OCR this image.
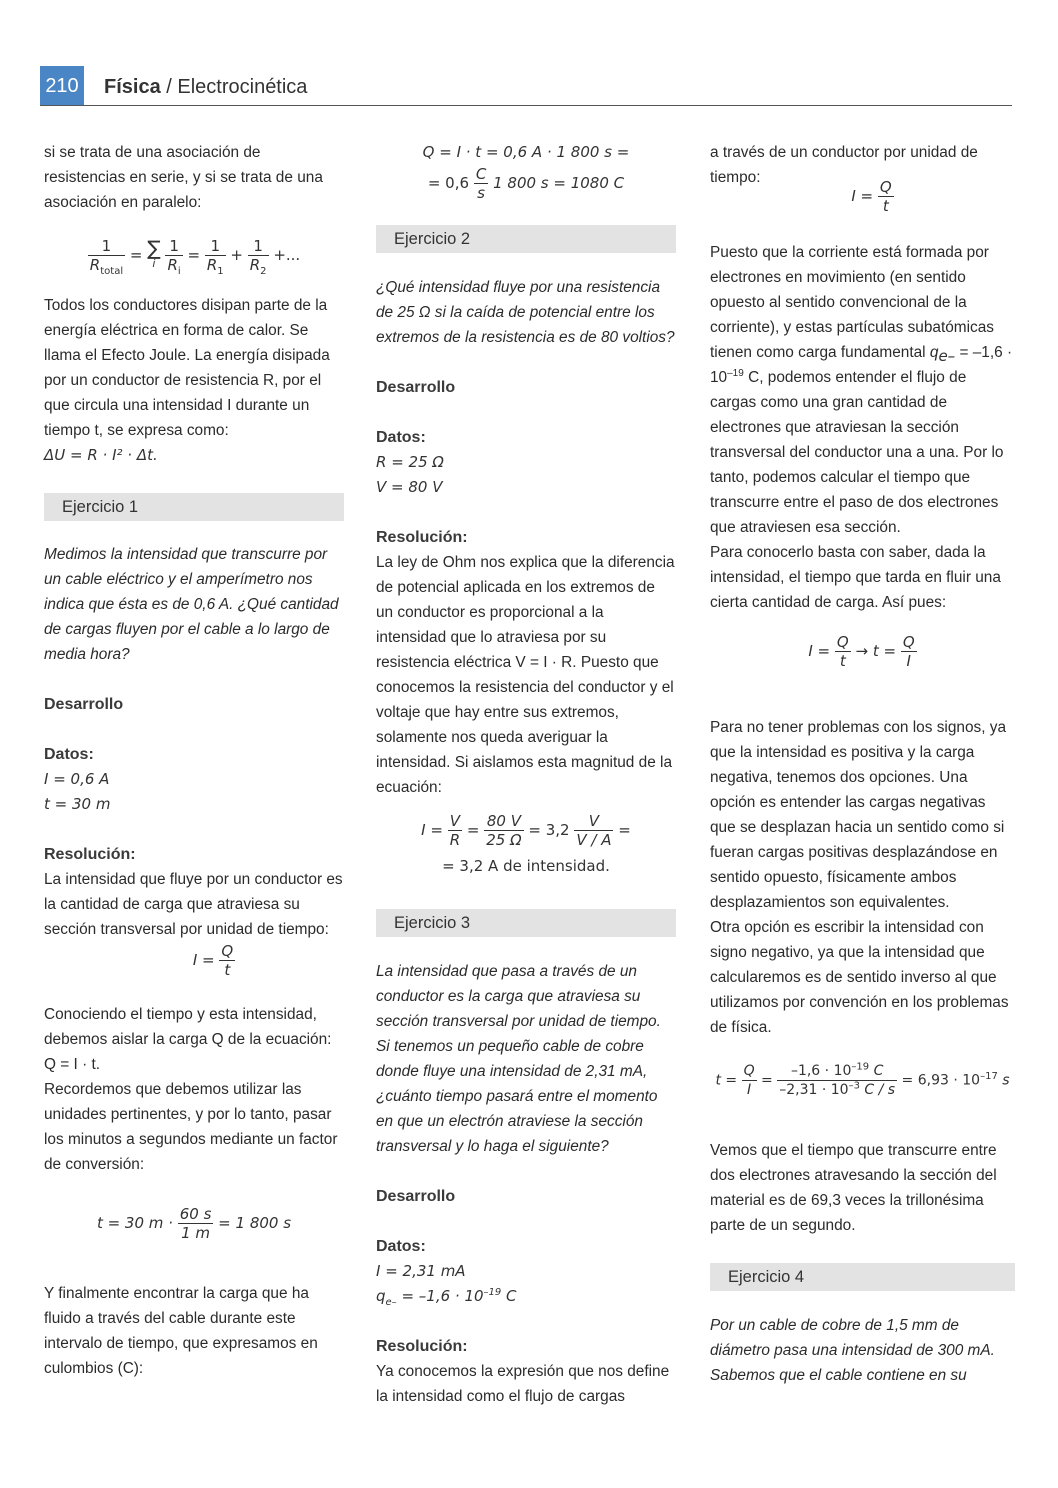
210 Física / Electrocinética

si se trata de una asociación de resistencias en serie, y si se trata de una asociación en paralelo:

$\frac{1}{R_{total}}$ = ∑
i
$\frac{1}{R_i} = \frac{1}{R_1} + \frac{1}{R_2}$ +...

Todos los conductores disipan parte de la energía eléctrica en forma de calor. Se llama el Efecto Joule. La energía disipada por un conductor de resistencia R, por el que circula una intensidad I durante un tiempo t, se expresa como:

ΔU = R · I² · Δt.

Ejercicio 1

Medimos la intensidad que transcurre por un cable eléctrico y el amperímetro nos indica que ésta es de 0,6 A. ¿Qué cantidad de cargas fluyen por el cable a lo largo de media hora?

Desarrollo

Datos:

I = 0,6 A

t = 30 m

Resolución:

La intensidad que fluye por un conductor es la cantidad de carga que atraviesa su sección transversal por unidad de tiempo:

$I = \frac{Q}{t}$

Conociendo el tiempo y esta intensidad, debemos aislar la carga Q de la ecuación: Q = I · t.

Recordemos que debemos utilizar las unidades pertinentes, y por lo tanto, pasar los minutos a segundos mediante un factor de conversión:

t = 30 $m \cdot \frac{60 s}{1 m} = 1$ 800 s

Y finalmente encontrar la carga que ha fluido a través del cable durante este intervalo de tiempo, que expresamos en culombios (C):

Q = I · t = 0,6 A · 1 800 s =

= $0,6 \frac{C}{s} 1$ 800 s = 1080 C
Ejercicio 2

¿Qué intensidad fluye por una resistencia de 25 Ω si la caída de potencial entre los extremos de la resistencia es de 80 voltios?

Desarrollo

Datos:

R = 25 Ω

V = 80 V

Resolución:

La ley de Ohm nos explica que la diferencia de potencial aplicada en los extremos de un conductor es proporcional a la intensidad que lo atraviesa por su resistencia eléctrica V = I · R. Puesto que conocemos la resistencia del conductor y el voltaje que hay entre sus extremos, solamente nos queda averiguar la intensidad. Si aislamos esta magnitud de la ecuación:

$I = \frac{V}{R} = \frac{80 V}{25 \Omega} = 3,2 \frac{V}{V / A}$ =

= 3,2 A de intensidad.

Ejercicio 3

La intensidad que pasa a través de un conductor es la carga que atraviesa su sección transversal por unidad de tiempo. Si tenemos un pequeño cable de cobre donde fluye una intensidad de 2,31 mA, ¿cuánto tiempo pasará entre el momento en que un electrón atraviese la sección transversal y lo haga el siguiente?

Desarrollo

Datos:

I = 2,31 mA

$q_{e-} = -1,6 \cdot 10^{-19}$ C

Resolución:

Ya conocemos la expresión que nos define la intensidad como el flujo de cargas

a través de un conductor por unidad de tiempo:

$I = \frac{Q}{t}$

Puesto que la corriente está formada por electrones en movimiento (en sentido opuesto al sentido convencional de la corriente), y estas partículas subatómicas tienen como carga fundamental $q_{e-} = -1,6 \cdot 10^{-19}$ C, podemos entender el flujo de cargas como una gran cantidad de electrones que atraviesan la sección transversal del conductor una a una. Por lo tanto, podemos calcular el tiempo que transcurre entre el paso de dos electrones que atraviesen esa sección.

Para conocerlo basta con saber, dada la intensidad, el tiempo que tarda en fluir una cierta cantidad de carga. Así pues:

$I = \frac{Q}{t} \to t = \frac{Q}{I}$

Para no tener problemas con los signos, ya que la intensidad es positiva y la carga negativa, tenemos dos opciones. Una opción es entender las cargas negativas que se desplazan hacia un sentido como si fueran cargas positivas desplazándose en sentido opuesto, físicamente ambos desplazamientos son equivalentes.

Otra opción es escribir la intensidad con signo negativo, ya que la intensidad que calcularemos es de sentido inverso al que utilizamos por convención en los problemas de física.

$t = \frac{Q}{I} = \frac{-1,6 \cdot 10^{-19} C}{-2,31 \cdot 10^{-3} C / s} = 6,93 \cdot 10^{-17}$ s

Vemos que el tiempo que transcurre entre dos electrones atravesando la sección del material es de 69,3 veces la trillonésima parte de un segundo.

Ejercicio 4

Por un cable de cobre de 1,5 mm de diámetro pasa una intensidad de 300 mA. Sabemos que el cable contiene en su
